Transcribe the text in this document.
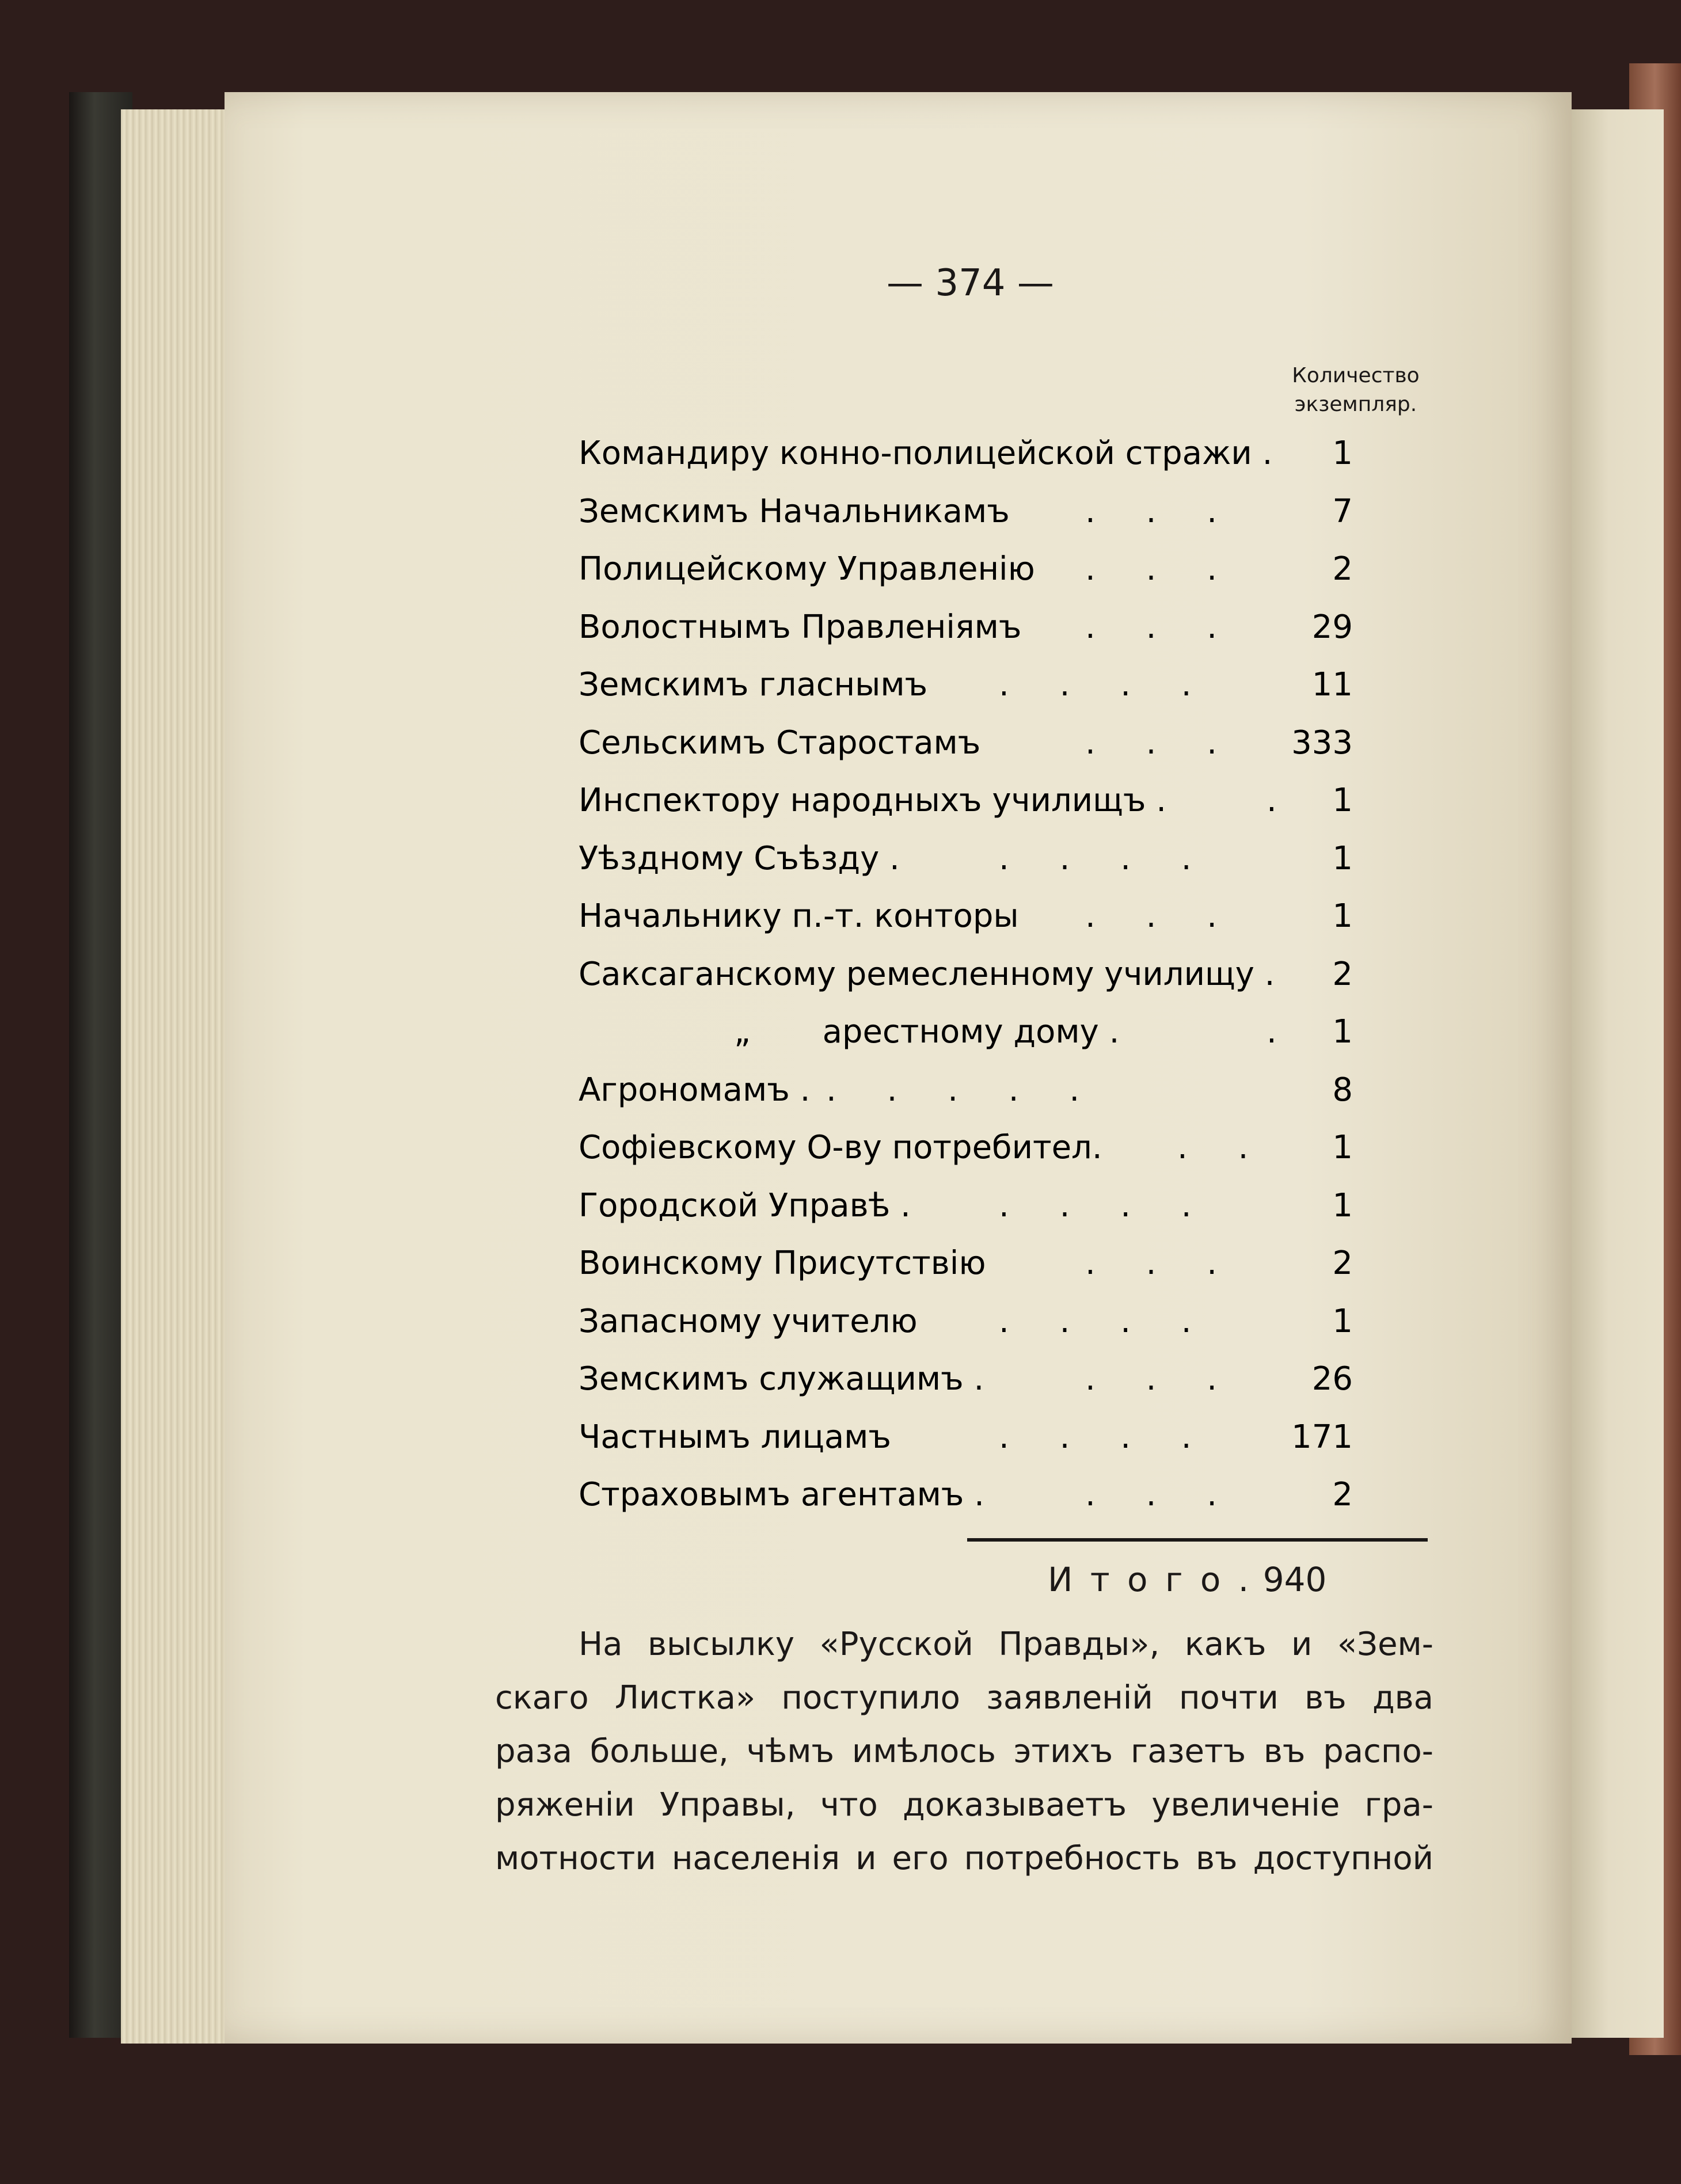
— 374 —
Количество
экземпляр.
Командиру конно-полицейской стражи . 1
Земскимъ Начальникамъ . . .	7
Полицейскому Управленію . . .	2
Волостнымъ Правленіямъ . . .	29
Земскимъ гласнымъ . . . .	11
Сельскимъ Старостамъ	. . . 333
Инспектору народныхъ училищъ .	. 1
Уѣздному Съѣзду .	. . . .	1
Начальнику п.-т. конторы . . .	1
Саксаганскому ремесленному училищу . 2
„       арестному дому .	. 1
Агрономамъ . . . . . .	8
Софіевскому О-ву потребител. . .	1
Городской Управѣ .	. . . .	1
Воинскому Присутствію	. . .	2
Запасному учителю	. . . .	1
Земскимъ служащимъ .	. . .	26
Частнымъ лицамъ	. . . .	171
Страховымъ агентамъ .	. . .	2
И т о г о . 940
На высылку «Русской Правды», какъ и «Зем-
скаго Листка» поступило заявленій почти въ два
раза больше, чѣмъ имѣлось этихъ газетъ въ распо-
ряженіи Управы, что доказываетъ увеличеніе гра-
мотности населенія и его потребность въ доступной
